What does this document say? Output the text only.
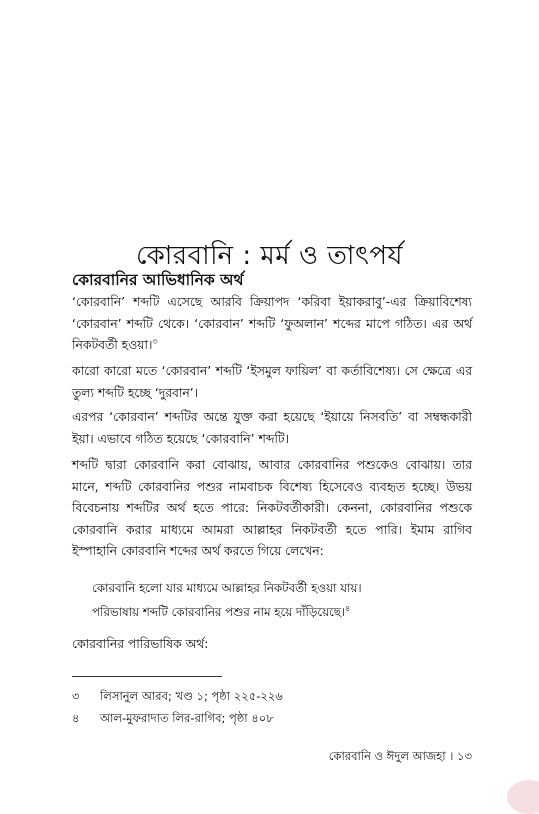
কোরবানি : মর্ম ও তাৎপর্য
কোরবানির আভিধানিক অর্থ

‘কোরবানি’ শব্দটি এসেছে আরবি ক্রিয়াপদ ‘করিবা ইয়াকরাবু’-এর ক্রিয়াবিশেষ্য ‘কোরবান’ শব্দটি থেকে। ‘কোরবান’ শব্দটি ‘ফুঅলান’ শব্দের মাপে গঠিত। এর অর্থ নিকটবর্তী হওয়া।$^৩$

কারো কারো মতে ‘কোরবান’ শব্দটি ‘ইসমুল ফায়িল’ বা কর্তাবিশেষ্য। সে ক্ষেত্রে এর তুল্য শব্দটি হচ্ছে ‘দুরবান’।

এরপর ‘কোরবান’ শব্দটির অন্তে যুক্ত করা হয়েছে ‘ইয়ায়ে নিসবতি’ বা সম্বন্ধকারী ইয়া। এভাবে গঠিত হয়েছে ‘কোরবানি’ শব্দটি।

শব্দটি দ্বারা কোরবানি করা বোঝায়, আবার কোরবানির পশুকেও বোঝায়। তার মানে, শব্দটি কোরবানির পশুর নামবাচক বিশেষ্য হিসেবেও ব্যবহৃত হচ্ছে। উভয় বিবেচনায় শব্দটির অর্থ হতে পারে: নিকটবর্তীকারী। কেননা, কোরবানির পশুকে কোরবানি করার মাধ্যমে আমরা আল্লাহর নিকটবর্তী হতে পারি। ইমাম রাগিব ইস্পাহানি কোরবানি শব্দের অর্থ করতে গিয়ে লেখেন:

কোরবানি হলো যার মাধ্যমে আল্লাহর নিকটবর্তী হওয়া যায়।
পরিভাষায় শব্দটি কোরবানির পশুর নাম হয়ে দাঁড়িয়েছে।$^৪$

কোরবানির পারিভাষিক অর্থ:

৩ লিসানুল আরব; খণ্ড ১; পৃষ্ঠা ২২৫-২২৬
৪ আল-মুফরাদাত লির-রাগিব; পৃষ্ঠা ৪০৮
কোরবানি ও ঈদুল আজহা । ১৩
